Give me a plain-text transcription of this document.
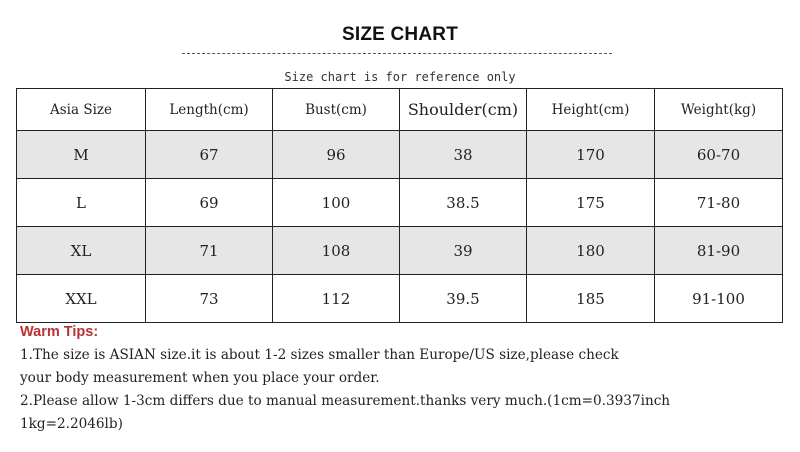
SIZE CHART
Size chart is for reference only
Asia Size	Length(cm)	Bust(cm)	Shoulder(cm)	Height(cm)	Weight(kg)
M	67	96	38	170	60-70
L	69	100	38.5	175	71-80
XL	71	108	39	180	81-90
XXL	73	112	39.5	185	91-100
Warm Tips:
1.The size is ASIAN size.it is about 1-2 sizes smaller than Europe/US size,please check
your body measurement when you place your order.
2.Please allow 1-3cm differs due to manual measurement.thanks very much.(1cm=0.3937inch
1kg=2.2046lb)
